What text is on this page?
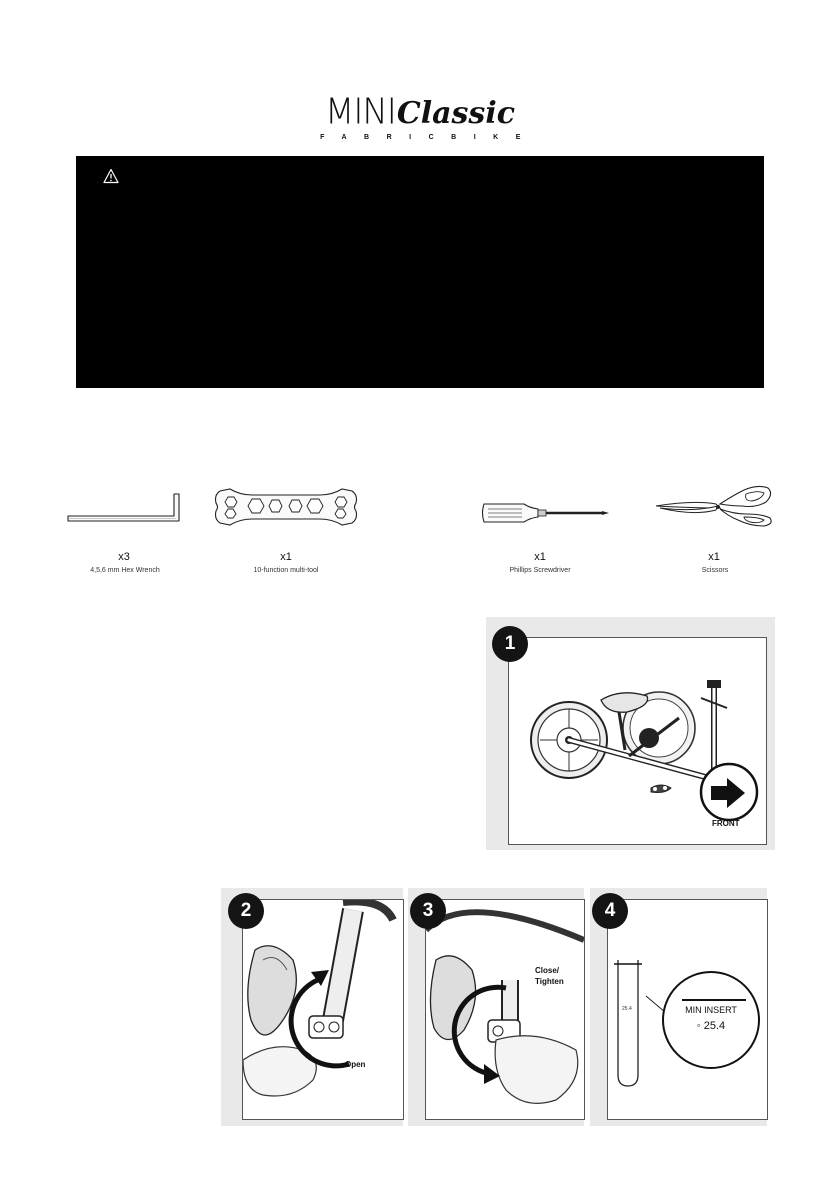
MINI Classic
FABRICBIKE
x3
4,5,6 mm Hex Wrench
x1
10-function multi-tool
x1
Phillips Screwdriver
x1
Scissors
FRONT
1
Open
2
Close/
Tighten
3
25.4	MIN INSERT
◦ 25.4
4
